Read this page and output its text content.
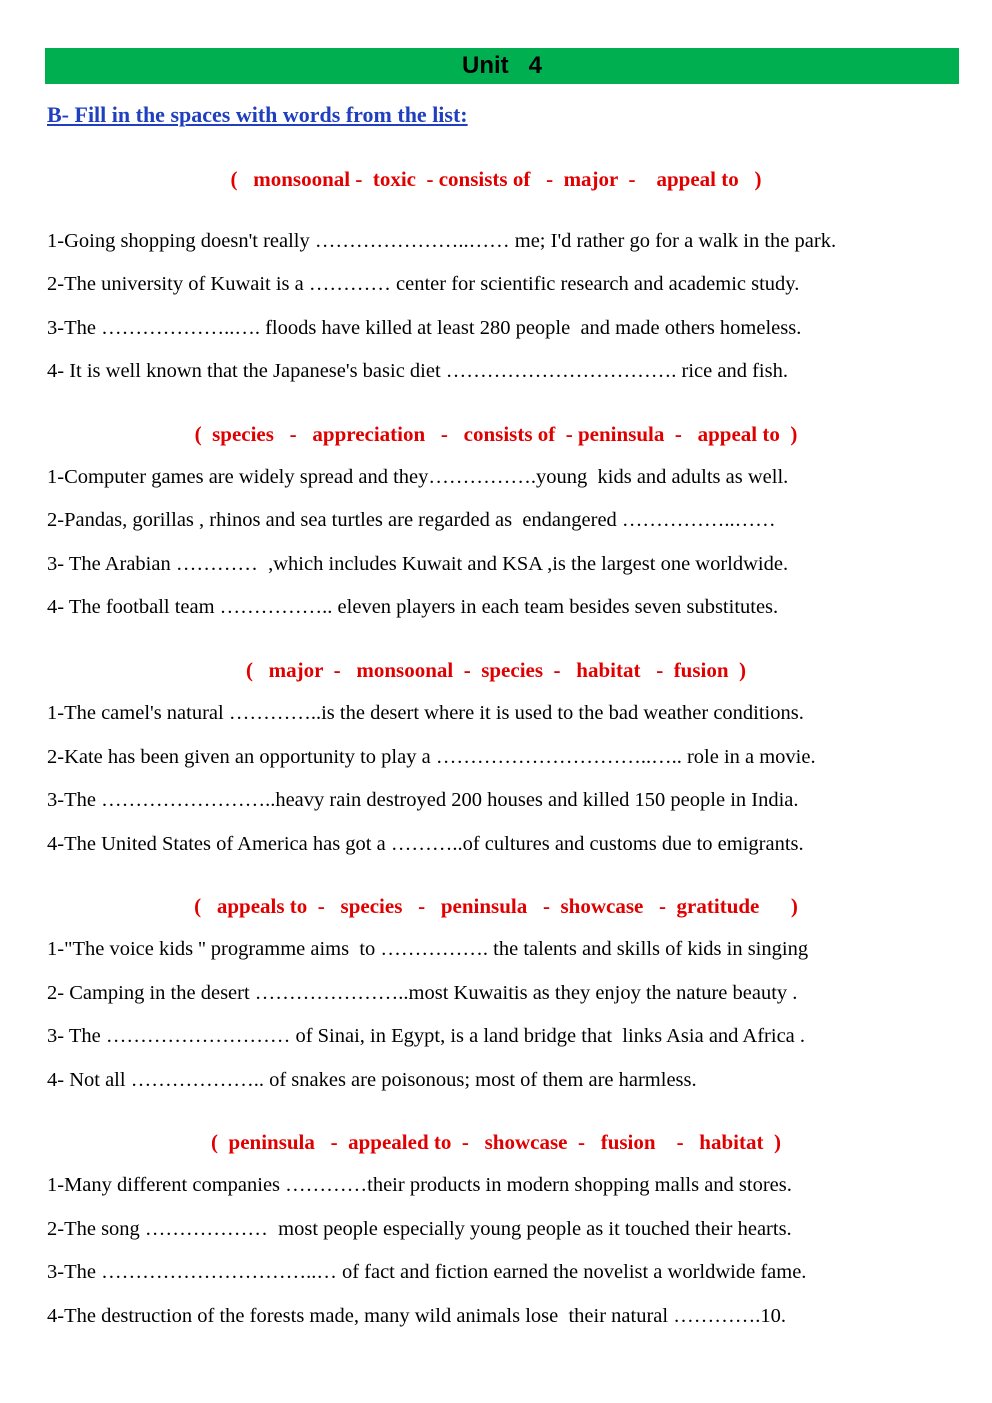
Unit   4
B- Fill in the spaces with words from the list:
(   monsoonal -  toxic  - consists of   -  major  -    appeal to   )
1-Going shopping doesn't really …………………..…… me; I'd rather go for a walk in the park.
2-The university of Kuwait is a ………… center for scientific research and academic study.
3-The ………………..…. floods have killed at least 280 people  and made others homeless.
4- It is well known that the Japanese's basic diet ……………………………. rice and fish.
(  species   -   appreciation   -   consists of  - peninsula  -   appeal to  )
1-Computer games are widely spread and they…………….young  kids and adults as well.
2-Pandas, gorillas , rhinos and sea turtles are regarded as  endangered ……………..……
3- The Arabian …………  ,which includes Kuwait and KSA ,is the largest one worldwide.
4- The football team …………….. eleven players in each team besides seven substitutes.
(   major  -   monsoonal  -  species  -   habitat   -  fusion  )
1-The camel's natural …………..is the desert where it is used to the bad weather conditions.
2-Kate has been given an opportunity to play a …………………………..….. role in a movie.
3-The ……………………..heavy rain destroyed 200 houses and killed 150 people in India.
4-The United States of America has got a ………..of cultures and customs due to emigrants.
(   appeals to  -   species   -   peninsula   -  showcase   -  gratitude      )
1-"The voice kids '' programme aims  to ……………. the talents and skills of kids in singing
2- Camping in the desert …………………..most Kuwaitis as they enjoy the nature beauty .
3- The ……………………… of Sinai, in Egypt, is a land bridge that  links Asia and Africa .
4- Not all ……………….. of snakes are poisonous; most of them are harmless.
(  peninsula   -  appealed to  -   showcase  -   fusion    -   habitat  )
1-Many different companies …………their products in modern shopping malls and stores.
2-The song ………………  most people especially young people as it touched their hearts.
3-The …………………………..… of fact and fiction earned the novelist a worldwide fame.
4-The destruction of the forests made, many wild animals lose  their natural ………….10.
